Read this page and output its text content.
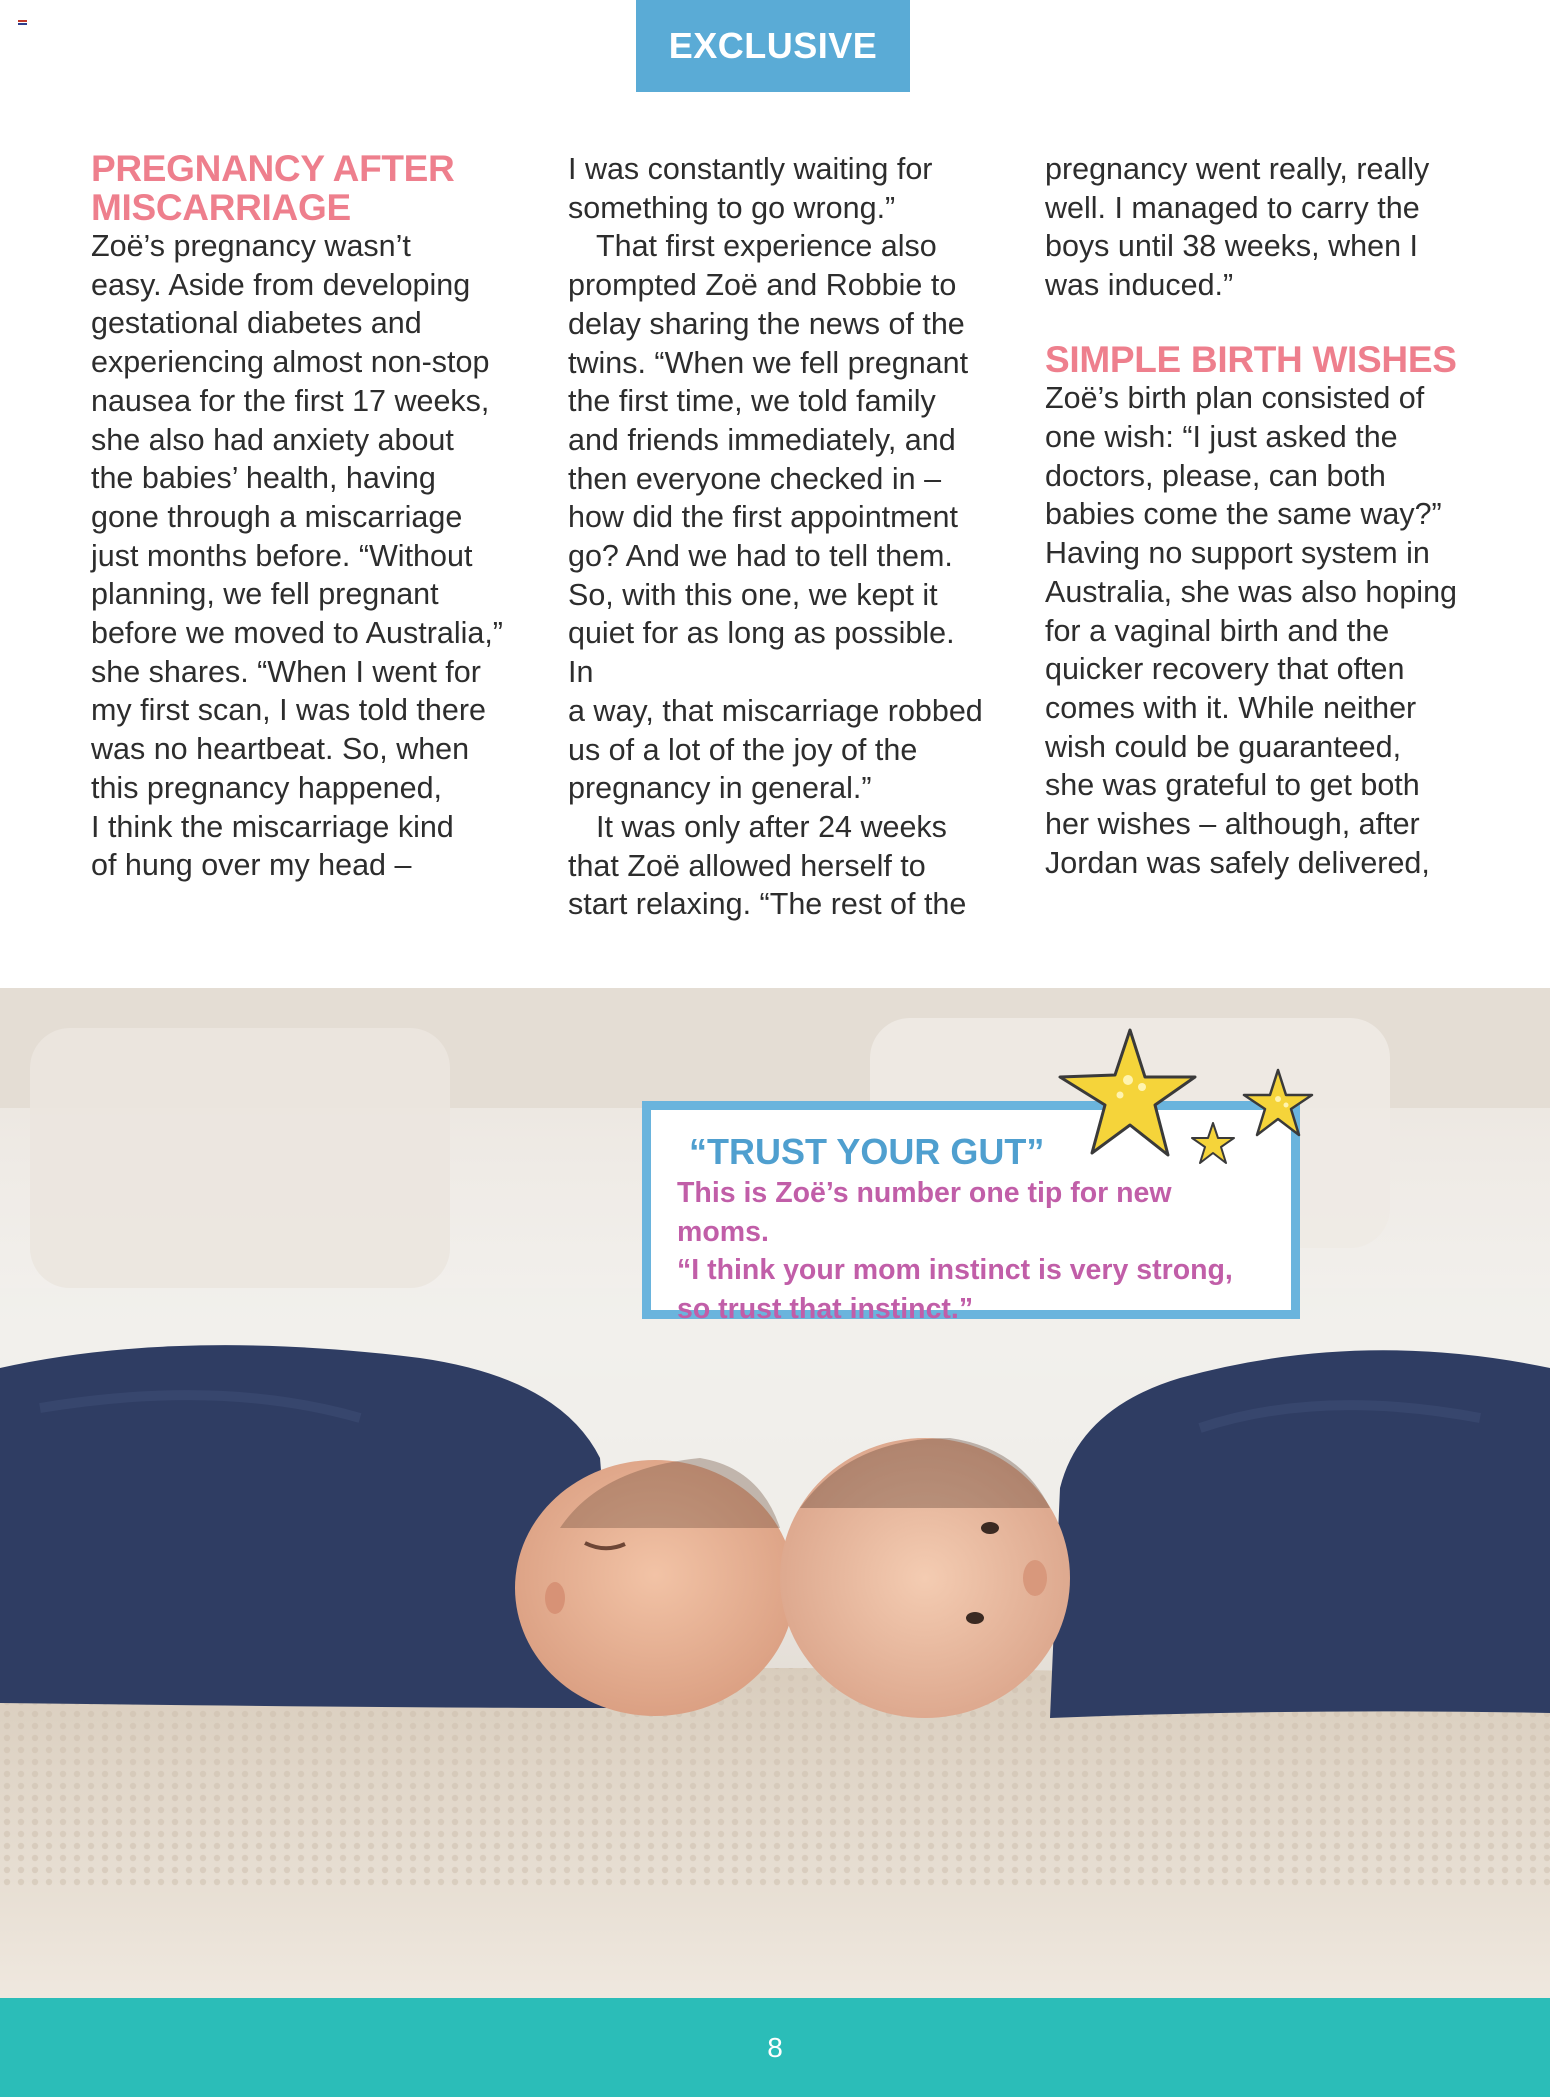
EXCLUSIVE
PREGNANCY AFTER
MISCARRIAGE
Zoë’s pregnancy wasn’t
easy. Aside from developing
gestational diabetes and
experiencing almost non-stop
nausea for the first 17 weeks,
she also had anxiety about
the babies’ health, having
gone through a miscarriage
just months before. “Without
planning, we fell pregnant
before we moved to Australia,”
she shares. “When I went for
my first scan, I was told there
was no heartbeat. So, when
this pregnancy happened,
I think the miscarriage kind
of hung over my head –

I was constantly waiting for
something to go wrong.”

That first experience also
prompted Zoë and Robbie to
delay sharing the news of the
twins. “When we fell pregnant
the first time, we told family
and friends immediately, and
then everyone checked in –
how did the first appointment
go? And we had to tell them.
So, with this one, we kept it
quiet for as long as possible. In
a way, that miscarriage robbed
us of a lot of the joy of the
pregnancy in general.”

It was only after 24 weeks
that Zoë allowed herself to
start relaxing. “The rest of the

pregnancy went really, really
well. I managed to carry the
boys until 38 weeks, when I
was induced.”

SIMPLE BIRTH WISHES

Zoë’s birth plan consisted of
one wish: “I just asked the
doctors, please, can both
babies come the same way?”
Having no support system in
Australia, she was also hoping
for a vaginal birth and the
quicker recovery that often
comes with it. While neither
wish could be guaranteed,
she was grateful to get both
her wishes – although, after
Jordan was safely delivered,

“TRUST YOUR GUT”
This is Zoë’s number one tip for new moms.
“I think your mom instinct is very strong,
so trust that instinct.”
8
